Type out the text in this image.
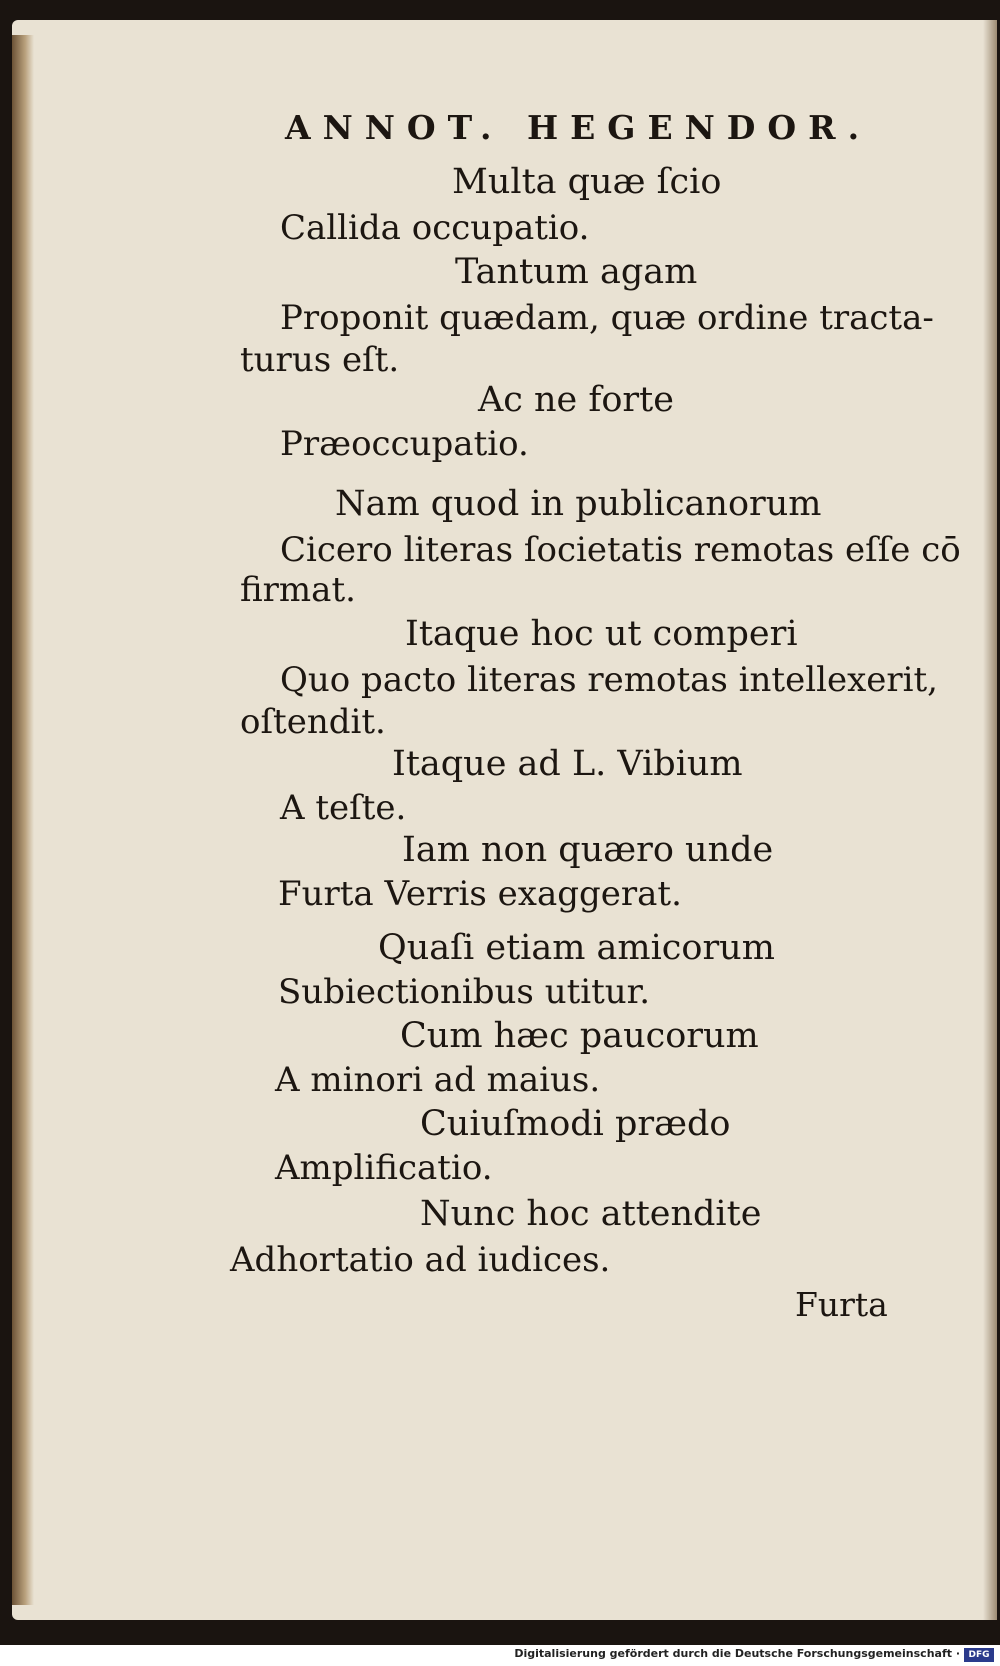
ANNOT. HEGENDOR.
Multa quæ ſcio
Callida occupatio.
Tantum agam
Proponit quædam, quæ ordine tracta-
turus eſt.
Ac ne forte
Præoccupatio.
Nam quod in publicanorum
Cicero literas ſocietatis remotas eſſe cō
firmat.
Itaque hoc ut comperi
Quo pacto literas remotas intellexerit,
oſtendit.
Itaque ad L. Vibium
A teſte.
Iam non quæro unde
Furta Verris exaggerat.
Quaſi etiam amicorum
Subiectionibus utitur.
Cum hæc paucorum
A minori ad maius.
Cuiuſmodi prædo
Amplificatio.
Nunc hoc attendite
Adhortatio ad iudices.
Furta
Digitalisierung gefördert durch die Deutsche Forschungsgemeinschaft · DFG
